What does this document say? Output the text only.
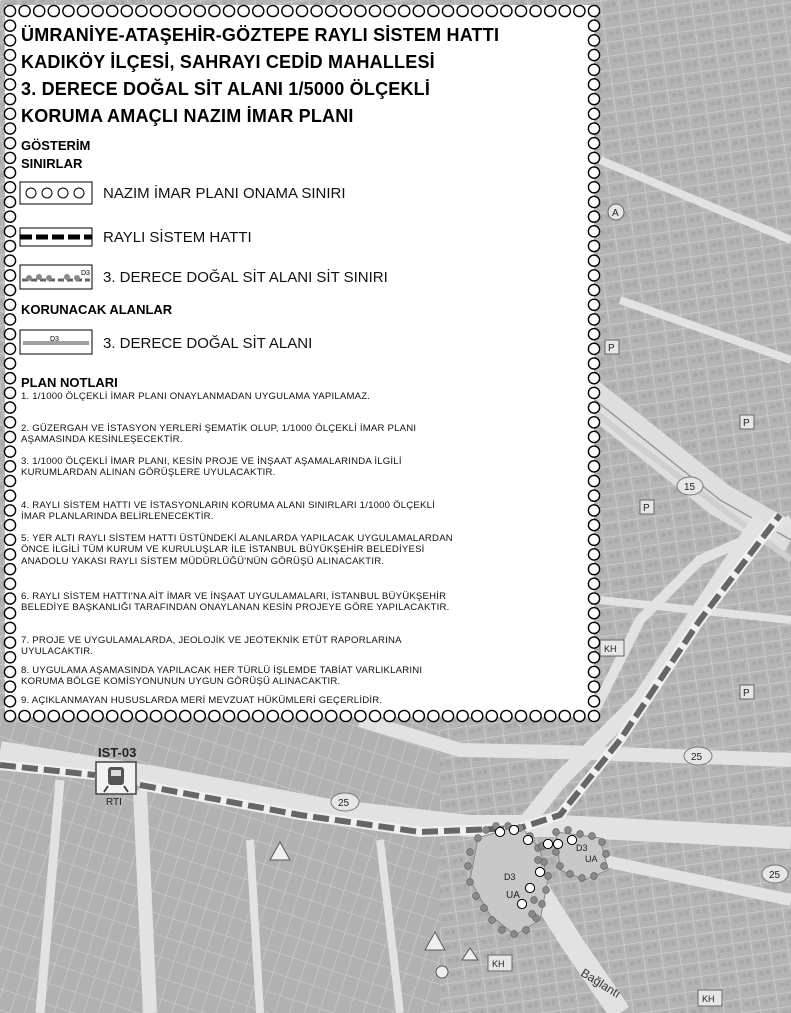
IST-03
RTI
D3
UA
D3
UA
15
25
25
25
Bağlantı
KH
KH
KH
P
P
P
P
A
ÜMRANİYE-ATAŞEHİR-GÖZTEPE RAYLI SİSTEM HATTI
KADIKÖY İLÇESİ, SAHRAYI CEDİD MAHALLESİ
3. DERECE DOĞAL SİT ALANI 1/5000 ÖLÇEKLİ
KORUMA AMAÇLI NAZIM İMAR PLANI
GÖSTERİM
SINIRLAR
NAZIM İMAR PLANI ONAMA SINIRI
RAYLI SİSTEM HATTI
D3 3. DERECE DOĞAL SİT ALANI SİT SINIRI
KORUNACAK ALANLAR
D3	3. DERECE DOĞAL SİT ALANI
PLAN NOTLARI

1. 1/1000 ÖLÇEKLİ İMAR PLANI ONAYLANMADAN UYGULAMA YAPILAMAZ.

2. GÜZERGAH VE İSTASYON YERLERİ ŞEMATİK OLUP, 1/1000 ÖLÇEKLİ İMAR PLANI AŞAMASINDA KESİNLEŞECEKTİR.

3. 1/1000 ÖLÇEKLİ İMAR PLANI, KESİN PROJE VE İNŞAAT AŞAMALARINDA İLGİLİ KURUMLARDAN ALINAN GÖRÜŞLERE UYULACAKTIR.

4. RAYLI SİSTEM HATTI VE İSTASYONLARIN KORUMA ALANI SINIRLARI 1/1000 ÖLÇEKLİ İMAR PLANLARINDA BELİRLENECEKTİR.

5. YER ALTI RAYLI SİSTEM HATTI ÜSTÜNDEKİ ALANLARDA YAPILACAK UYGULAMALARDAN ÖNCE İLGİLİ TÜM KURUM VE KURULUŞLAR İLE İSTANBUL BÜYÜKŞEHİR BELEDİYESİ ANADOLU YAKASI RAYLI SİSTEM MÜDÜRLÜĞÜ'NÜN GÖRÜŞÜ ALINACAKTIR.

6. RAYLI SİSTEM HATTI'NA AİT İMAR VE İNŞAAT UYGULAMALARI, İSTANBUL BÜYÜKŞEHİR BELEDİYE BAŞKANLIĞI TARAFINDAN ONAYLANAN KESİN PROJEYE GÖRE YAPILACAKTIR.

7. PROJE VE UYGULAMALARDA, JEOLOJİK VE JEOTEKNİK ETÜT RAPORLARINA UYULACAKTIR.

8. UYGULAMA AŞAMASINDA YAPILACAK HER TÜRLÜ İŞLEMDE TABİAT VARLIKLARINI KORUMA BÖLGE KOMİSYONUNUN UYGUN GÖRÜŞÜ ALINACAKTIR.

9. AÇIKLANMAYAN HUSUSLARDA MERİ MEVZUAT HÜKÜMLERİ GEÇERLİDİR.
